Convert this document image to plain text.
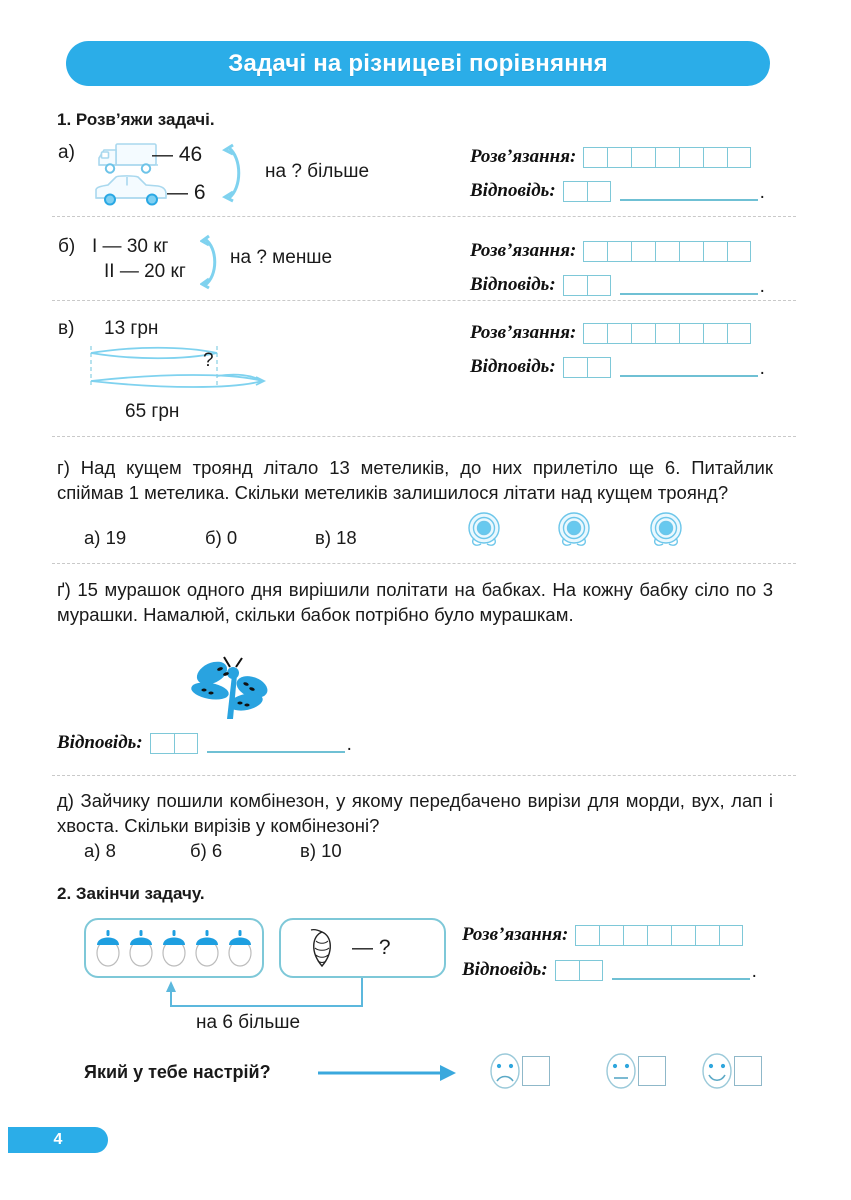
Задачі на різницеві порівняння
1. Розв’яжи задачі.
а)	— 46
— 6
на ? більше
Розв’язання:
Відповідь:	.
б) I — 30 кг
II — 20 кг
на ? менше	Розв’язання:
Відповідь:	.
в) 13 грн
?
65 грн
Розв’язання:
Відповідь:	.
г) Над кущем троянд літало 13 метеликів, до них прилетіло ще 6. Питайлик спіймав 1 метелика. Скільки метеликів залишилося літати над кущем троянд?
а) 19	б) 0	в) 18
ґ) 15 мурашок одного дня вирішили політати на бабках. На кожну бабку сіло по 3 мурашки. Намалюй, скільки бабок потрібно було мурашкам.
Відповідь:	.
д) Зайчику пошили комбінезон, у якому передбачено вирізи для морди, вух, лап і хвоста. Скільки вирізів у комбінезоні?
а) 8	б) 6	в) 10
2. Закінчи задачу.
— ?
на 6 більше
Розв’язання:
Відповідь:	.
Який у тебе настрій?
4
